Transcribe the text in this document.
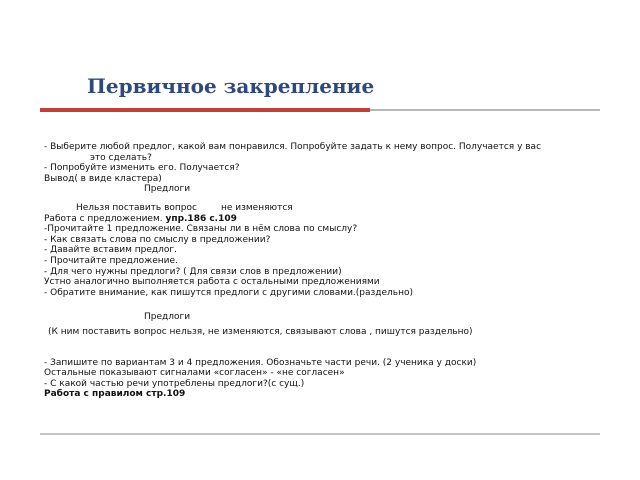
Первичное закрепление
- Выберите любой предлог, какой вам понравился. Попробуйте задать к нему вопрос. Получается у вас
это сделать?
- Попробуйте изменить его. Получается?
Вывод( в виде кластера)
Предлоги
Нельзя поставить вопрос	не изменяются
Работа с предложением. упр.186 с.109
-Прочитайте 1 предложение. Связаны ли в нём слова по смыслу?
- Как связать слова по смыслу в предложении?
- Давайте вставим предлог.
- Прочитайте предложение.
- Для чего нужны предлоги? ( Для связи слов в предложении)
Устно аналогично выполняется работа с остальными предложениями
- Обратите внимание, как пишутся предлоги с другими словами.(раздельно)
Предлоги
(К ним поставить вопрос нельзя, не изменяются, связывают слова , пишутся раздельно)
- Запишите по вариантам 3 и 4 предложения. Обозначьте части речи. (2 ученика у доски)
Остальные показывают сигналами «согласен» - «не согласен»
- С какой частью речи употреблены предлоги?(с сущ.)
Работа с правилом стр.109
